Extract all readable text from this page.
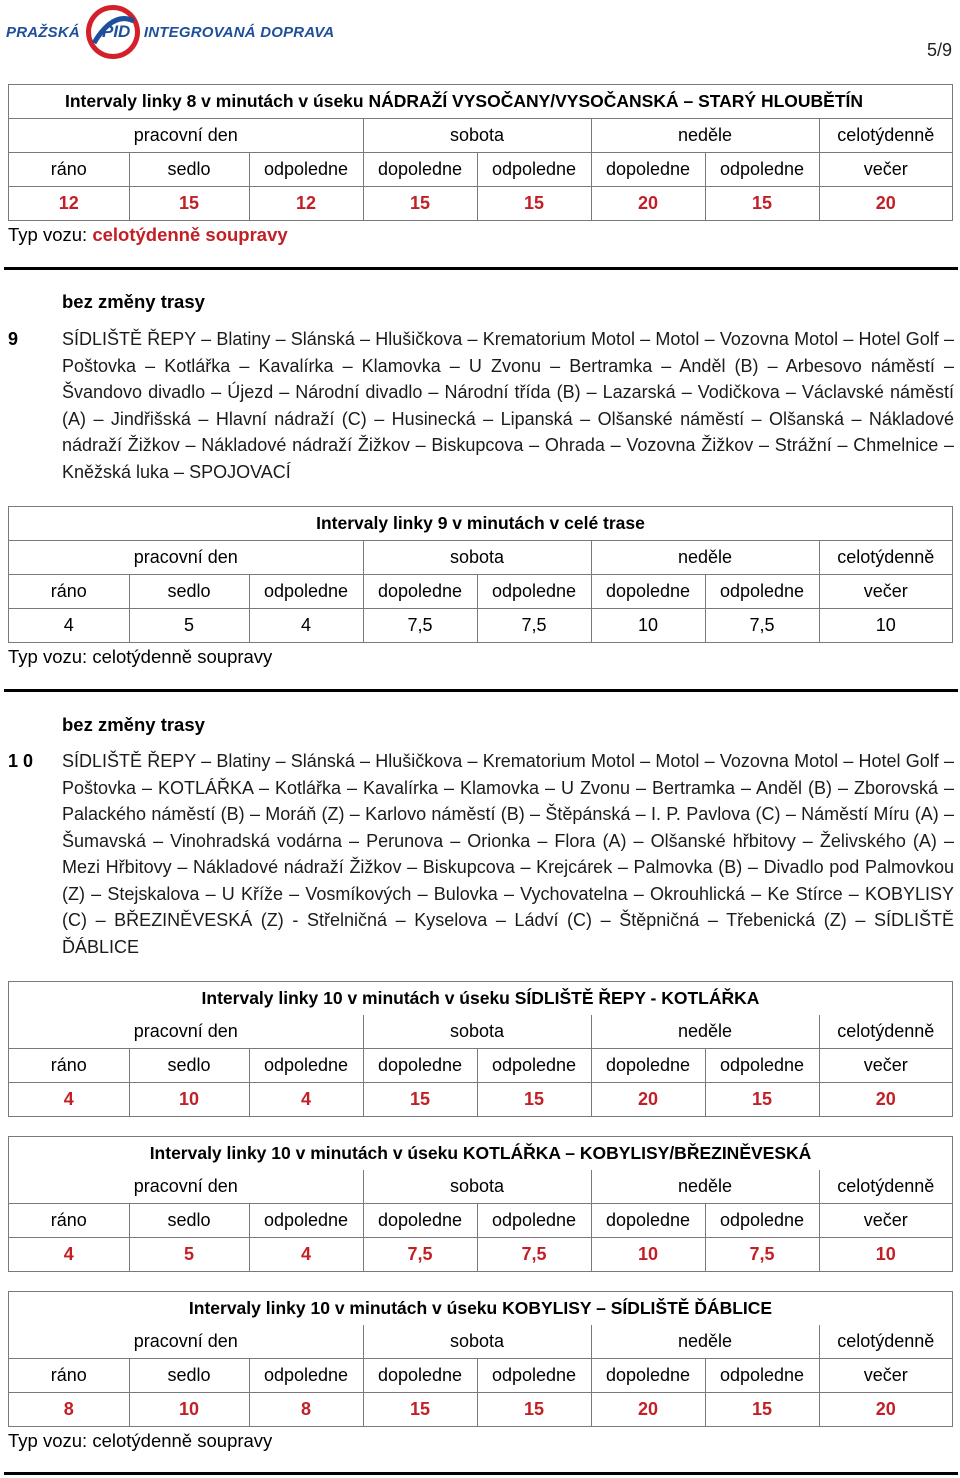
PRAŽSKÁ PID INTEGROVANÁ DOPRAVA
5/9
Intervaly linky 8 v minutách v úseku NÁDRAŽÍ VYSOČANY/VYSOČANSKÁ – STARÝ HLOUBĚTÍN							
pracovní den			sobota		neděle		celotýdenně
ráno	sedlo	odpoledne	dopoledne	odpoledne	dopoledne	odpoledne	večer
12	15	12	15	15	20	15	20
Typ vozu: celotýdenně soupravy
bez změny trasy
9 SÍDLIŠTĚ ŘEPY – Blatiny – Slánská – Hlušičkova – Krematorium Motol – Motol – Vozovna Motol – Hotel Golf – Poštovka – Kotlářka – Kavalírka – Klamovka – U Zvonu – Bertramka – Anděl (B) – Arbesovo náměstí – Švandovo divadlo – Újezd – Národní divadlo – Národní třída (B) – Lazarská – Vodičkova – Václavské náměstí (A) – Jindřišská – Hlavní nádraží (C) – Husinecká – Lipanská – Olšanské náměstí – Olšanská – Nákladové nádraží Žižkov – Nákladové nádraží Žižkov – Biskupcova – Ohrada – Vozovna Žižkov – Strážní – Chmelnice – Kněžská luka – SPOJOVACÍ
Intervaly linky 9 v minutách v celé trase							
pracovní den			sobota		neděle		celotýdenně
ráno	sedlo	odpoledne	dopoledne	odpoledne	dopoledne	odpoledne	večer
4	5	4	7,5	7,5	10	7,5	10
Typ vozu: celotýdenně soupravy
bez změny trasy
1 0 SÍDLIŠTĚ ŘEPY – Blatiny – Slánská – Hlušičkova – Krematorium Motol – Motol – Vozovna Motol – Hotel Golf – Poštovka – KOTLÁŘKA – Kotlářka – Kavalírka – Klamovka – U Zvonu – Bertramka – Anděl (B) – Zborovská – Palackého náměstí (B) – Moráň (Z) – Karlovo náměstí (B) – Štěpánská – I. P. Pavlova (C) – Náměstí Míru (A) – Šumavská – Vinohradská vodárna – Perunova – Orionka – Flora (A) – Olšanské hřbitovy – Želivského (A) – Mezi Hřbitovy – Nákladové nádraží Žižkov – Biskupcova – Krejcárek – Palmovka (B) – Divadlo pod Palmovkou (Z) – Stejskalova – U Kříže – Vosmíkových – Bulovka – Vychovatelna – Okrouhlická – Ke Stírce – KOBYLISY (C) – BŘEZINĚVESKÁ (Z) - Střelničná – Kyselova – Ládví (C) – Štěpničná – Třebenická (Z) – SÍDLIŠTĚ ĎÁBLICE
Intervaly linky 10 v minutách v úseku SÍDLIŠTĚ ŘEPY - KOTLÁŘKA							
pracovní den			sobota		neděle		celotýdenně
ráno	sedlo	odpoledne	dopoledne	odpoledne	dopoledne	odpoledne	večer
4	10	4	15	15	20	15	20
Intervaly linky 10 v minutách v úseku KOTLÁŘKA – KOBYLISY/BŘEZINĚVESKÁ							
pracovní den			sobota		neděle		celotýdenně
ráno	sedlo	odpoledne	dopoledne	odpoledne	dopoledne	odpoledne	večer
4	5	4	7,5	7,5	10	7,5	10
Intervaly linky 10 v minutách v úseku KOBYLISY – SÍDLIŠTĚ ĎÁBLICE							
pracovní den			sobota		neděle		celotýdenně
ráno	sedlo	odpoledne	dopoledne	odpoledne	dopoledne	odpoledne	večer
8	10	8	15	15	20	15	20
Typ vozu: celotýdenně soupravy
